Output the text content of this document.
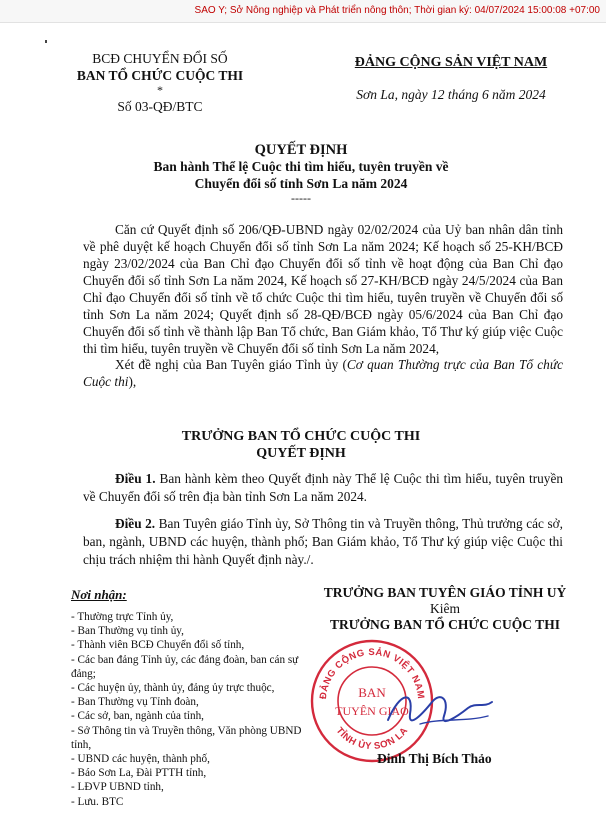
SAO Y; Sở Nông nghiệp và Phát triển nông thôn; Thời gian ký: 04/07/2024 15:00:08 +07:00
BCĐ CHUYỂN ĐỔI SỐ
BAN TỔ CHỨC CUỘC THI
*
Số 03-QĐ/BTC
ĐẢNG CỘNG SẢN VIỆT NAM
Sơn La, ngày 12 tháng 6 năm 2024
QUYẾT ĐỊNH
Ban hành Thể lệ Cuộc thi tìm hiểu, tuyên truyền về
Chuyển đổi số tỉnh Sơn La năm 2024
-----
Căn cứ Quyết định số 206/QĐ-UBND ngày 02/02/2024 của Uỷ ban nhân dân tỉnh về phê duyệt kế hoạch Chuyển đổi số tỉnh Sơn La năm 2024; Kế hoạch số 25-KH/BCĐ ngày 23/02/2024 của Ban Chỉ đạo Chuyển đổi số tỉnh về hoạt động của Ban Chỉ đạo Chuyển đổi số tỉnh Sơn La năm 2024, Kế hoạch số 27-KH/BCĐ ngày 24/5/2024 của Ban Chỉ đạo Chuyển đổi số tỉnh về tổ chức Cuộc thi tìm hiểu, tuyên truyền về Chuyển đổi số tỉnh Sơn La năm 2024; Quyết định số 28-QĐ/BCĐ ngày 05/6/2024 của Ban Chỉ đạo Chuyển đổi số tỉnh về thành lập Ban Tổ chức, Ban Giám khảo, Tổ Thư ký giúp việc Cuộc thi tìm hiểu, tuyên truyền về Chuyển đổi số tỉnh Sơn La năm 2024,
Xét đề nghị của Ban Tuyên giáo Tỉnh ủy (Cơ quan Thường trực của Ban Tổ chức Cuộc thi),
TRƯỞNG BAN TỔ CHỨC CUỘC THI
QUYẾT ĐỊNH
Điều 1. Ban hành kèm theo Quyết định này Thể lệ Cuộc thi tìm hiểu, tuyên truyền về Chuyển đổi số trên địa bàn tỉnh Sơn La năm 2024.
Điều 2. Ban Tuyên giáo Tỉnh ủy, Sở Thông tin và Truyền thông, Thủ trưởng các sở, ban, ngành, UBND các huyện, thành phố; Ban Giám khảo, Tổ Thư ký giúp việc Cuộc thi chịu trách nhiệm thi hành Quyết định này./.
Nơi nhận:
- Thường trực Tỉnh ủy,
- Ban Thường vụ tỉnh ủy,
- Thành viên BCĐ Chuyển đổi số tỉnh,
- Các ban đảng Tỉnh ủy, các đảng đoàn, ban cán sự đảng;
- Các huyện ủy, thành ủy, đảng ủy trực thuộc,
- Ban Thường vụ Tỉnh đoàn,
- Các sở, ban, ngành của tỉnh,
- Sở Thông tin và Truyền thông, Văn phòng UBND tỉnh,
- UBND các huyện, thành phố,
- Báo Sơn La, Đài PTTH tỉnh,
- LĐVP UBND tỉnh,
- Lưu. BTC
TRƯỞNG BAN TUYÊN GIÁO TỈNH UỶ
Kiêm
TRƯỞNG BAN TỔ CHỨC CUỘC THI
ĐẢNG CỘNG SẢN VIỆT NAM
TỈNH ỦY SƠN LA
BAN
TUYÊN GIÁO
Đinh Thị Bích Thảo
